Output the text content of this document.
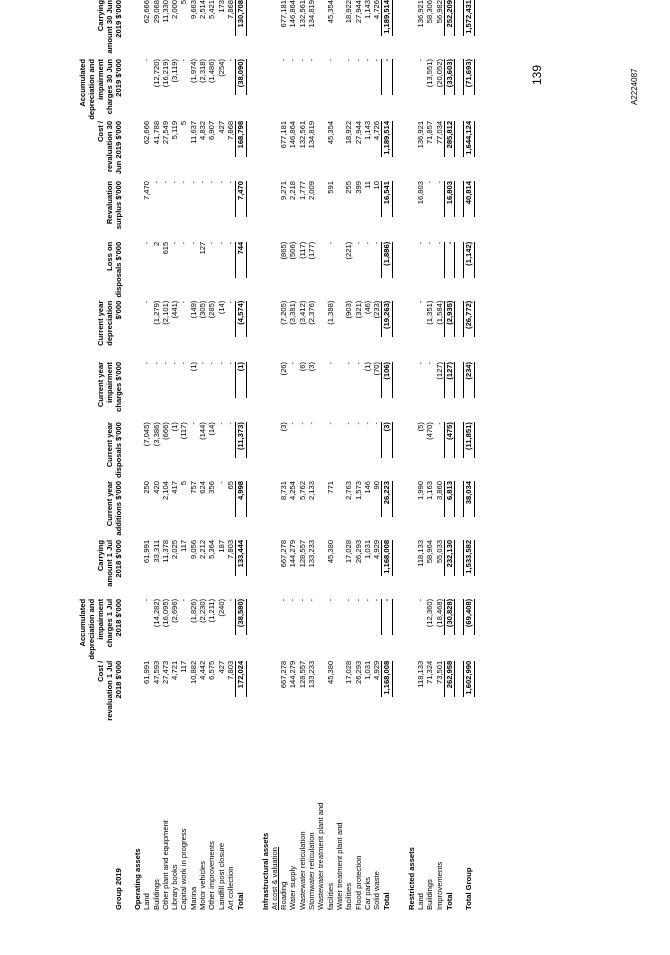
Group 2019	Cost / revaluation 1 Jul 2018 $'000	Accumulated depreciation and impairment charges 1 Jul 2018 $'000	Carrying amount 1 Jul 2018 $'000	Current year additions $'000	Current year disposals $'000	Current year impairment charges $'000	Current year depreciation $'000	Loss on disposals $'000	Revaluation surplus $'000	Cost / revaluation 30 Jun 2019 $'000	Accumulated depreciation and impairment charges 30 Jun 2019 $'000	Carrying amount 30 Jun 2019 $'000
Operating assets												
Land	61,991	-	61,991	250	(7,045)	-	-	-	7,470	62,666	-	62,666
Buildings	47,593	(14,282)	33,311	420	(3,386)	-	(1,279)	2	-	41,788	(12,720)	29,068
Other plant and equipment	27,473	(16,095)	11,378	2,104	(666)	-	(2,101)	615	-	27,549	(16,219)	11,330
Library books	4,721	(2,696)	2,025	417	(1)	-	(441)	-	-	5,119	(3,119)	2,000
Capital work in progress	117	-	117	5	(117)	-	-	-	-	5	-	5
Marina	10,882	(1,826)	9,056	757	-	(1)	(149)	-	-	11,637	(1,974)	9,663
Motor vehicles	4,442	(2,230)	2,212	624	(144)	-	(305)	127	-	4,832	(2,318)	2,514
Other improvements	6,575	(1,211)	5,364	356	(14)	-	(285)	-	-	6,907	(1,486)	5,421
Landfill post closure	427	(240)	187	-	-	-	(14)	-	-	427	(254)	173
Art collection	7,803	-	7,803	65	-	-	-	-	-	7,868	-	7,868
Total	172,024	(38,580)	133,444	4,998	(11,373)	(1)	(4,574)	744	7,470	168,798	(38,090)	130,708

Infrastructural assets												
At cost & valuation												
Roading	667,278	-	667,278	8,731	(3)	(26)	(7,205)	(865)	9,271	677,181	-	677,181
Water supply	144,279	-	144,279	4,254	-	-	(3,381)	(506)	2,218	146,864	-	146,864
Wastewater reticulation	128,557	-	128,557	5,762	-	(6)	(3,412)	(117)	1,777	132,561	-	132,561
Stormwater reticulation	133,233	-	133,233	2,133	-	(3)	(2,376)	(177)	2,009	134,819	-	134,819
Wastewater treatment plant and												
facilities	45,380	-	45,380	771	-	-	(1,388)	-	591	45,354	-	45,354
Water treatment plant and												
facilities	17,028	-	17,028	2,763	-	-	(903)	(221)	255	18,922	-	18,922
Flood protection	26,293	-	26,293	1,573	-	-	(321)	-	399	27,944	-	27,944
Car parks	1,031	-	1,031	146	-	(1)	(46)	-	11	1,143	-	1,143
Solid waste	4,929	-	4,929	90	-	(70)	(233)	-	10	4,726	-	4,726
Total	1,168,008	-	1,168,008	26,223	(3)	(106)	(19,263)	(1,886)	16,541	1,189,514	-	1,189,514

Restricted assets												
Land	118,133	-	118,133	1,990	(5)	-	-	-	16,803	136,921	-	136,921
Buildings	71,324	(12,360)	58,964	1,163	(470)	-	(1,351)	-	-	71,857	(13,551)	58,306
Improvements	73,501	(18,468)	55,033	3,860	-	(127)	(1,584)	-	-	77,034	(20,052)	56,982
Total	262,958	(30,828)	232,130	6,813	(475)	(127)	(2,935)	-	16,803	285,812	(33,603)	252,209

Total Group	1,602,990	(69,408)	1,533,582	38,034	(11,851)	(234)	(26,772)	(1,142)	40,814	1,644,124	(71,693)	1,572,431
139	A2224087
